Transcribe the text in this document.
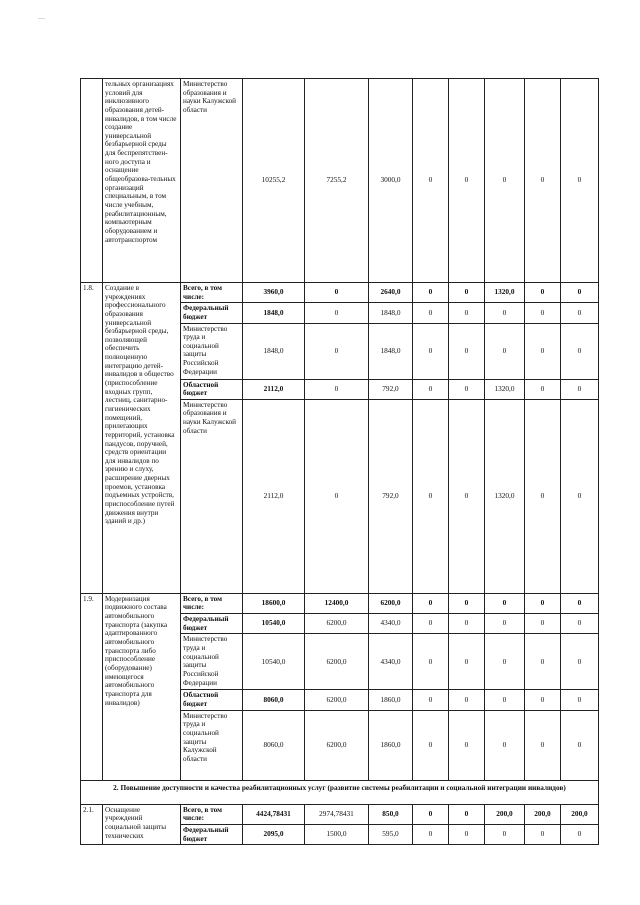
—
	тельных организациях условий для инклюзивного образования детей-инвалидов, в том числе создание универсальной безбарьерной среды для беспрепятствен-ного доступа и оснащение общеобразова-тельных организаций специальным, в том числе учебным, реабилитационным, компьютерным оборудованием и автотранспортом	Министерство образования и науки Калужской области	10255,2	7255,2	3000,0	0	0	0	0	0
1.8.	Создание в учреждениях профессионального образования универсальной безбарьерной среды, позволяющей обеспечить полноценную интеграцию детей-инвалидов в общество (приспособление входных групп, лестниц, санитарно-гигиенических помещений, прилегающих территорий, установка пандусов, поручней, средств ориентации для инвалидов по зрению и слуху, расширение дверных проемов, установка подъемных устройств, приспособление путей движения внутри зданий и др.)	Всего, в том числе:	3960,0	0	2640,0	0	0	1320,0	0	0
		Федеральный бюджет	1848,0	0	1848,0	0	0	0	0	0
		Министерство труда и социальной защиты Российской Федерации	1848,0	0	1848,0	0	0	0	0	0
		Областной бюджет	2112,0	0	792,0	0	0	1320,0	0	0
		Министерство образования и науки Калужской области	2112,0	0	792,0	0	0	1320,0	0	0
1.9.	Модернизация подвижного состава автомобильного транспорта (закупка адаптированного автомобильного транспорта либо приспособление (оборудование) имеющегося автомобильного транспорта для инвалидов)	Всего, в том числе:	18600,0	12400,0	6200,0	0	0	0	0	0
		Федеральный бюджет	10540,0	6200,0	4340,0	0	0	0	0	0
		Министерство труда и социальной защиты Российской Федерации	10540,0	6200,0	4340,0	0	0	0	0	0
		Областной бюджет	8060,0	6200,0	1860,0	0	0	0	0	0
		Министерство труда и социальной защиты Калужской области	8060,0	6200,0	1860,0	0	0	0	0	0
2. Повышение доступности и качества реабилитационных услуг (развитие системы реабилитации и социальной интеграции инвалидов)										
2.1.	Оснащение учреждений социальной защиты технических	Всего, в том числе:	4424,78431	2974,78431	850,0	0	0	200,0	200,0	200,0
		Федеральный бюджет	2095,0	1500,0	595,0	0	0	0	0	0
